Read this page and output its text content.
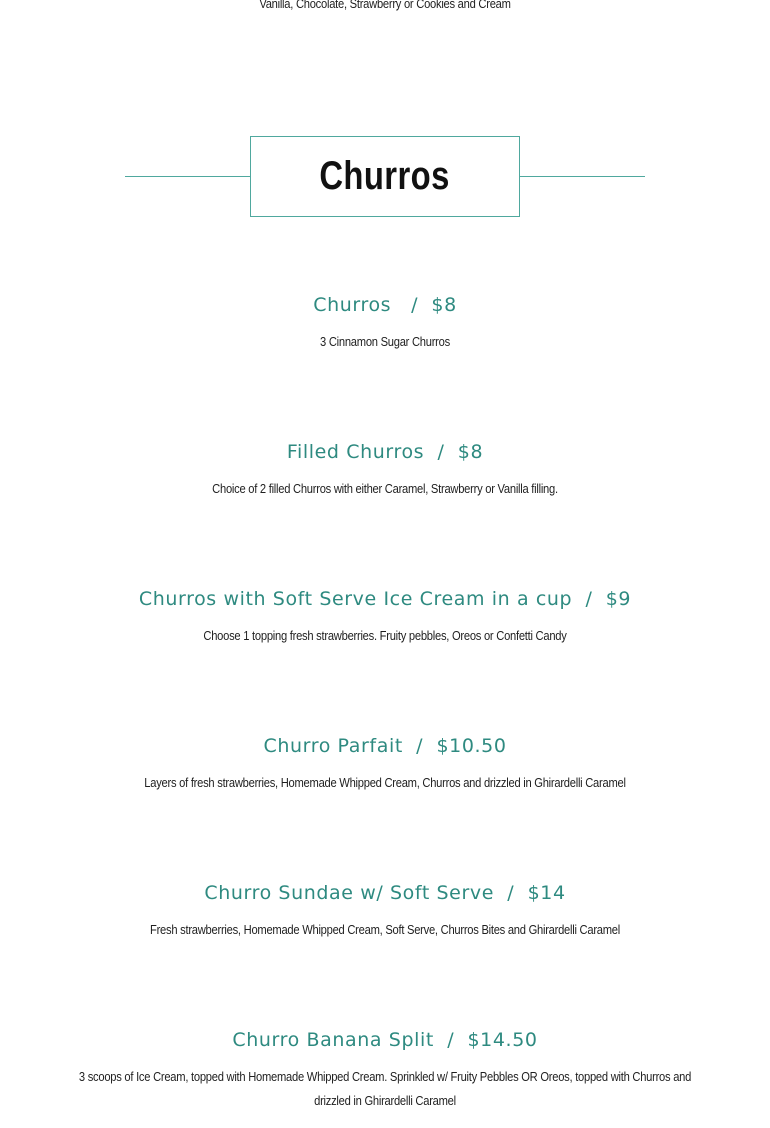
Vanilla, Chocolate, Strawberry or Cookies and Cream
Churros
Churros   /  $8
3 Cinnamon Sugar Churros
Filled Churros  /  $8
Choice of 2 filled Churros with either Caramel, Strawberry or Vanilla filling.
Churros with Soft Serve Ice Cream in a cup  /  $9
Choose 1 topping fresh strawberries. Fruity pebbles, Oreos or Confetti Candy
Churro Parfait  /  $10.50
Layers of fresh strawberries, Homemade Whipped Cream, Churros and drizzled in Ghirardelli Caramel
Churro Sundae w/ Soft Serve  /  $14
Fresh strawberries, Homemade Whipped Cream, Soft Serve, Churros Bites and Ghirardelli Caramel
Churro Banana Split  /  $14.50
3 scoops of Ice Cream, topped with Homemade Whipped Cream. Sprinkled w/ Fruity Pebbles OR Oreos, topped with Churros and
drizzled in Ghirardelli Caramel
